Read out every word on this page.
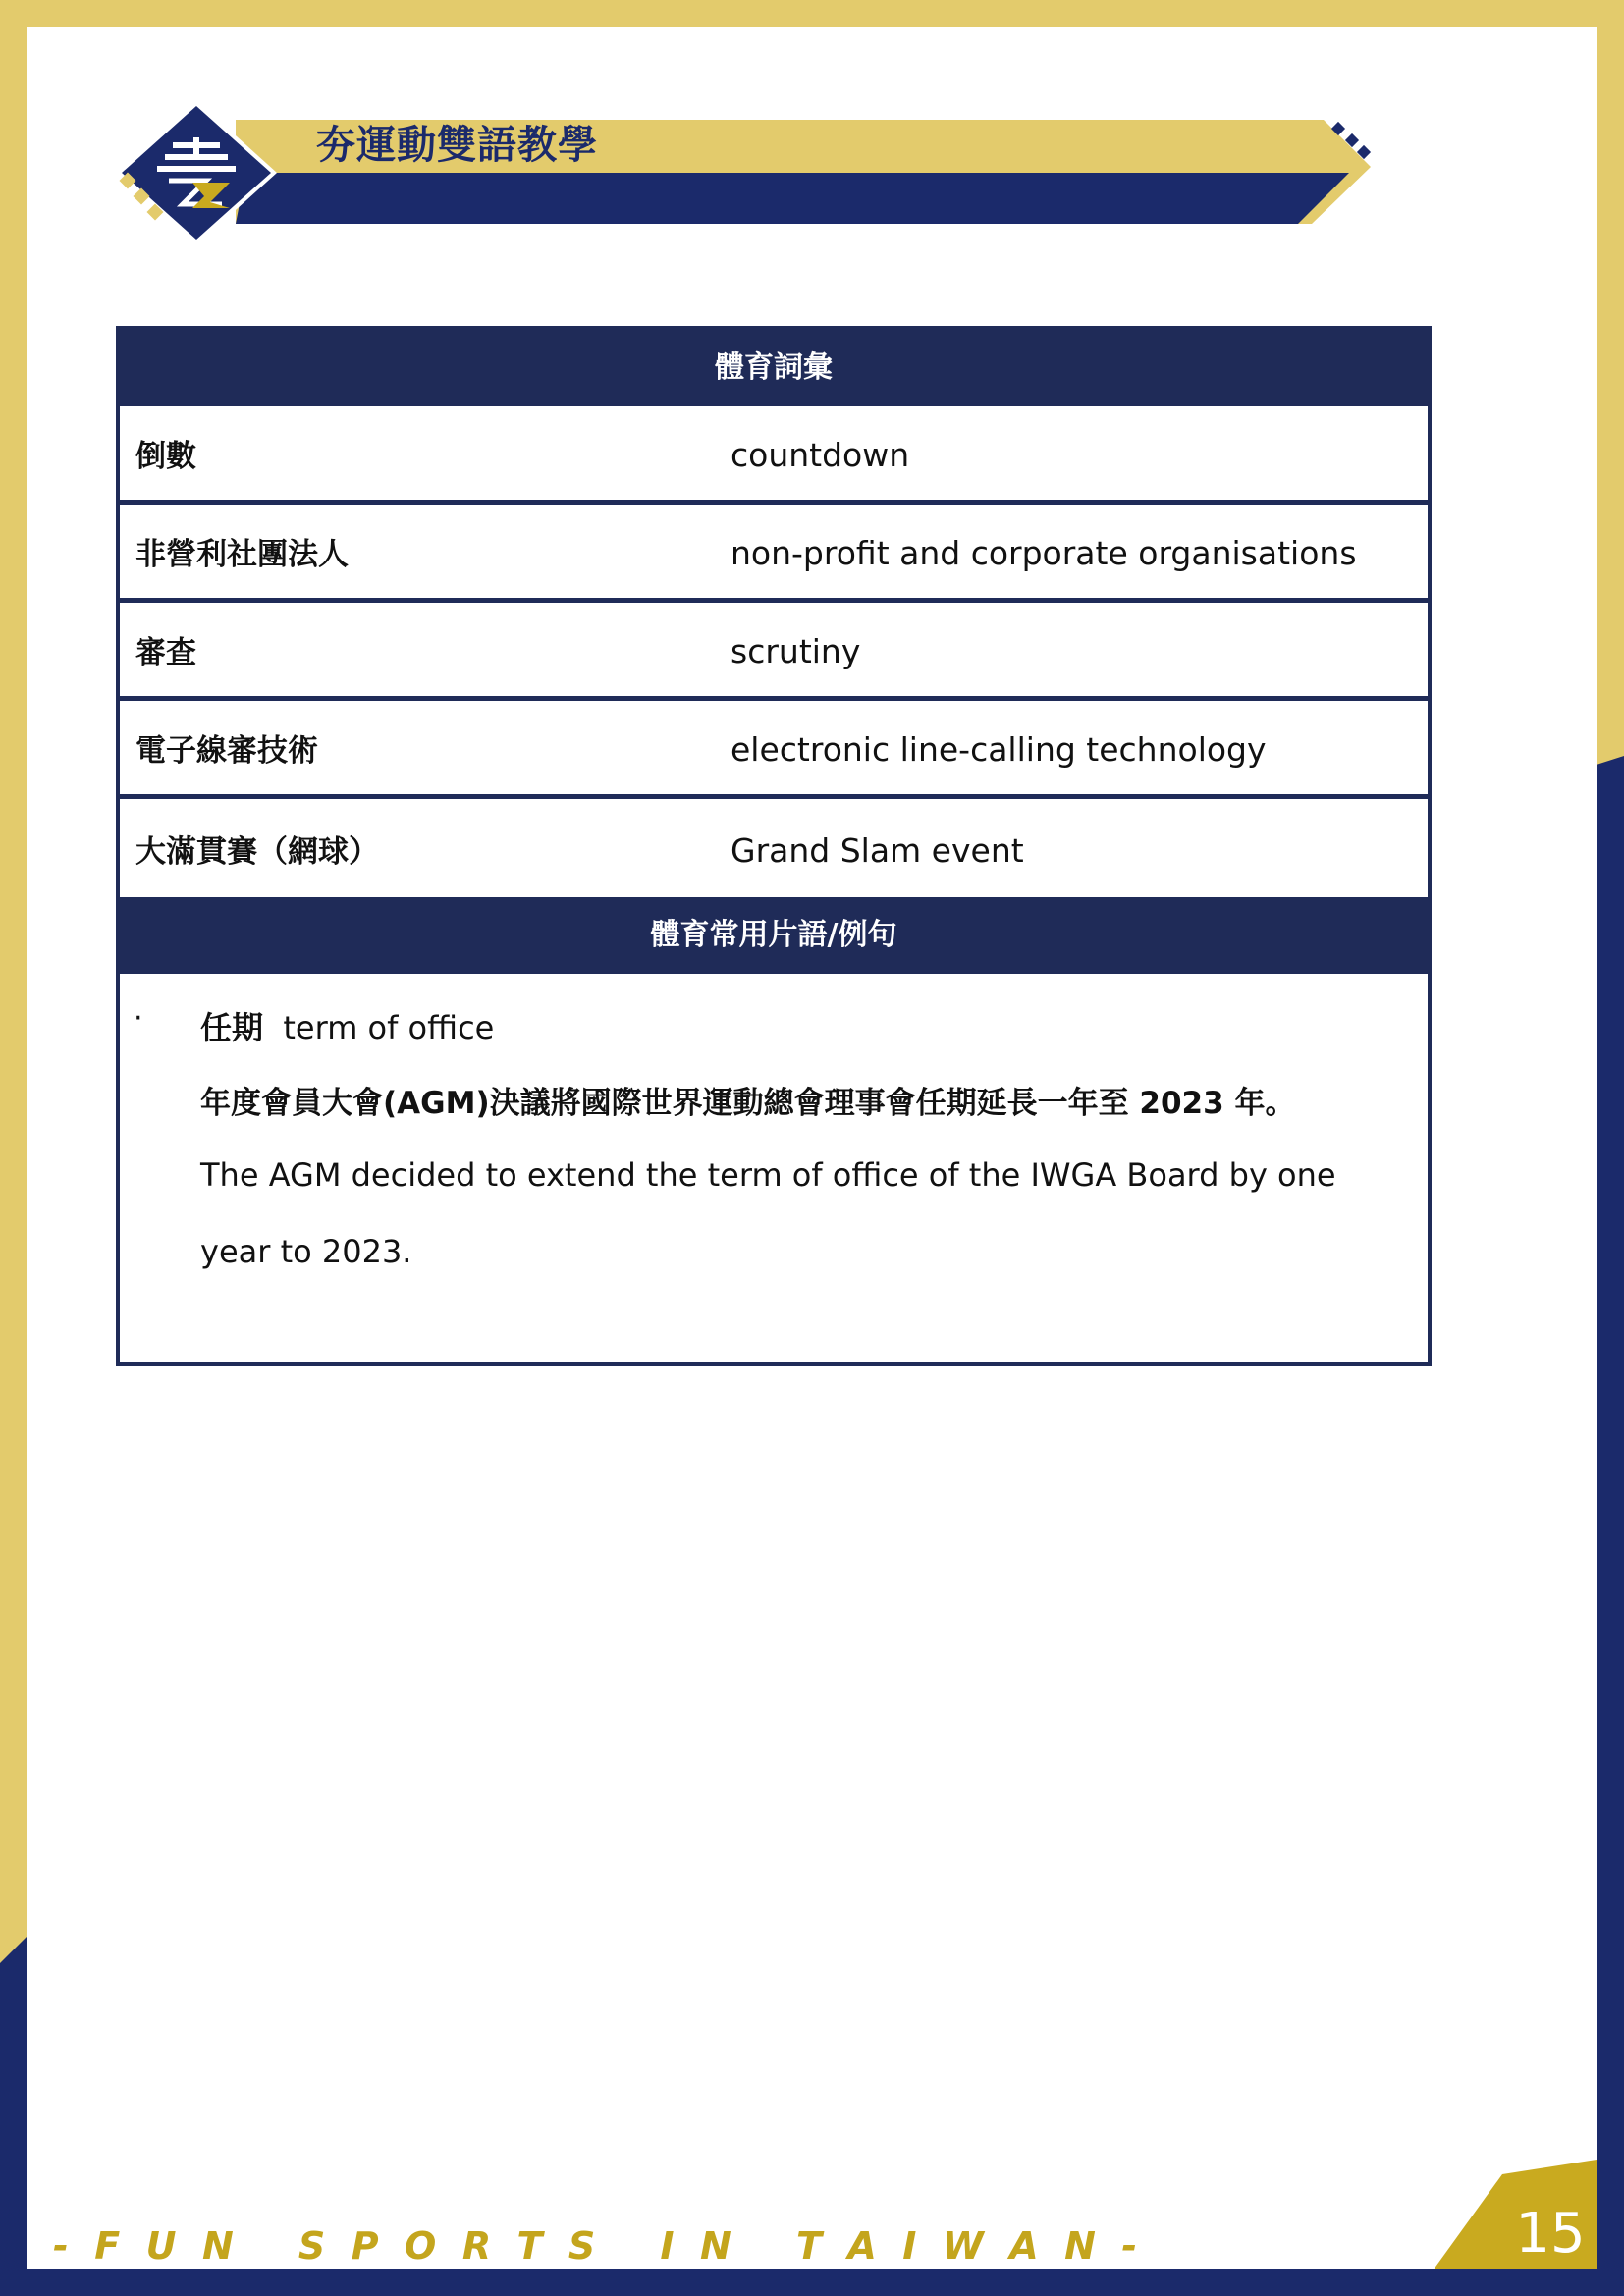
夯運動雙語教學
體育詞彙
倒數	countdown
非營利社團法人	non-profit and corporate organisations
審查	scrutiny
電子線審技術	electronic line-calling technology
大滿貫賽（網球）	Grand Slam event
體育常用片語/例句
· 任期 term of office
年度會員大會(AGM)決議將國際世界運動總會理事會任期延長一年至 2023 年。
The AGM decided to extend the term of office of the IWGA Board by one
year to 2023.
-  F  U  N     S  P  O  R  T  S     I  N     T  A  I  W  A  N  -	15
